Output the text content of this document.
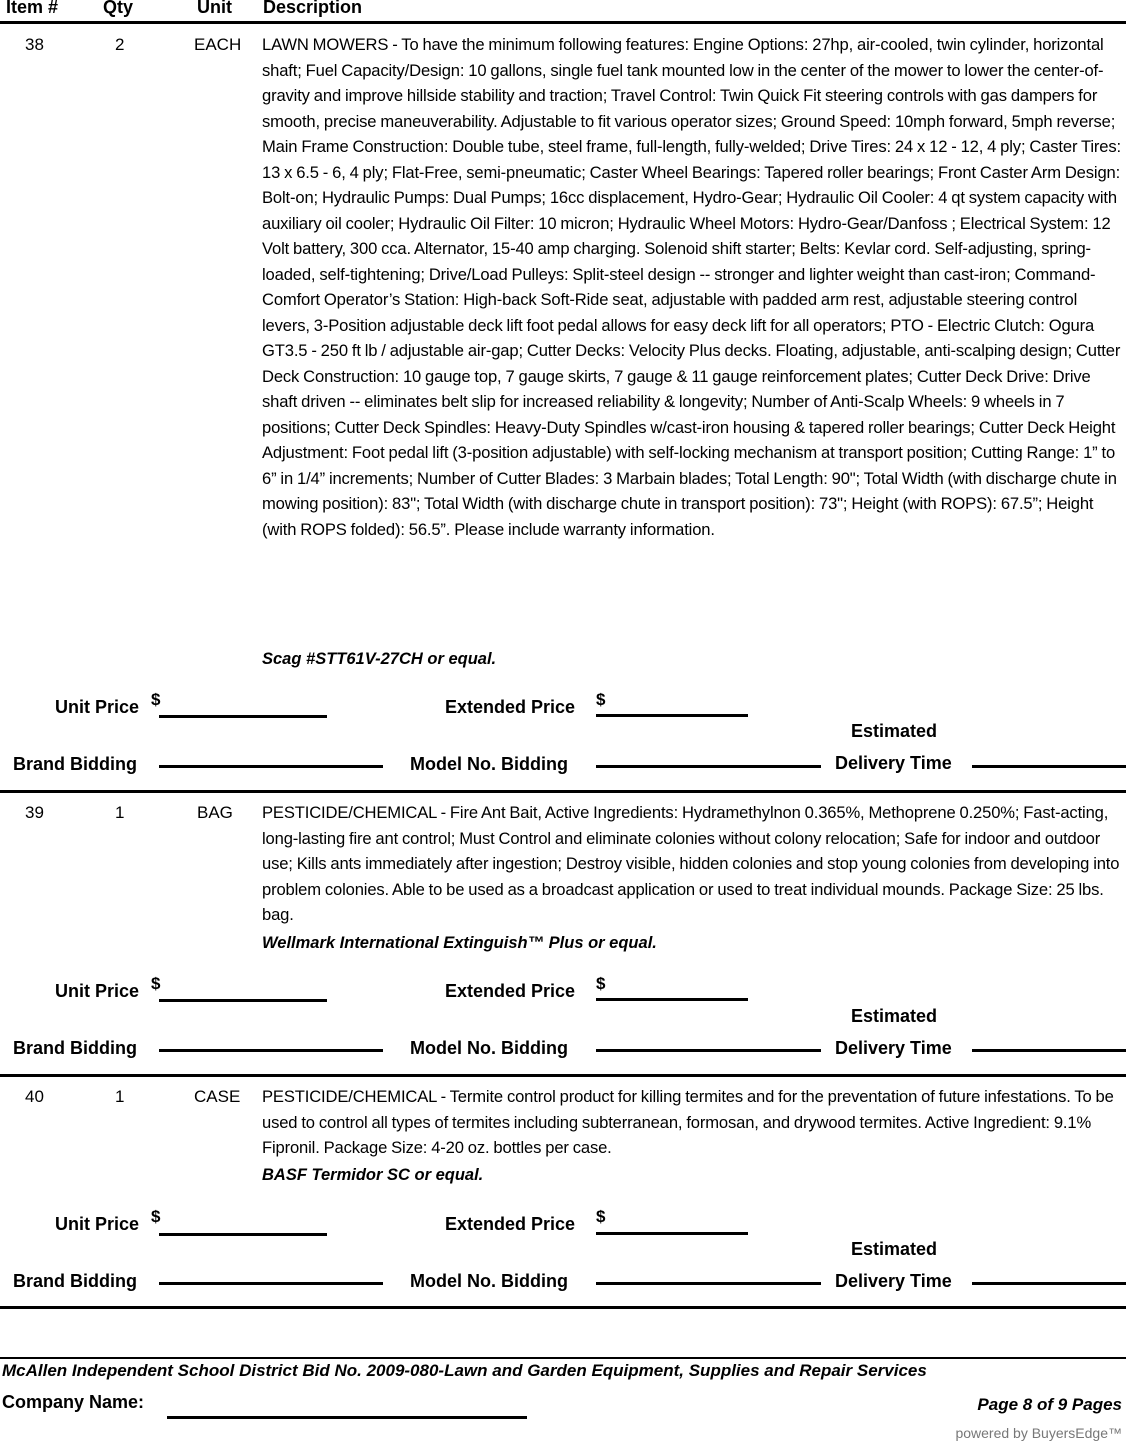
Item # Qty	Unit Description
38	2	EACH LAWN MOWERS - To have the minimum following features: Engine Options: 27hp, air-cooled, twin cylinder, horizontal shaft; Fuel Capacity/Design: 10 gallons, single fuel tank mounted low in the center of the mower to lower the center-of-gravity and improve hillside stability and traction; Travel Control: Twin Quick Fit steering controls with gas dampers for smooth, precise maneuverability. Adjustable to fit various operator sizes; Ground Speed: 10mph forward, 5mph reverse; Main Frame Construction: Double tube, steel frame, full-length, fully-welded; Drive Tires: 24 x 12 - 12, 4 ply; Caster Tires: 13 x 6.5 - 6, 4 ply; Flat-Free, semi-pneumatic; Caster Wheel Bearings: Tapered roller bearings; Front Caster Arm Design: Bolt-on; Hydraulic Pumps: Dual Pumps; 16cc displacement, Hydro-Gear; Hydraulic Oil Cooler: 4 qt system capacity with auxiliary oil cooler; Hydraulic Oil Filter: 10 micron; Hydraulic Wheel Motors: Hydro-Gear/Danfoss ; Electrical System: 12 Volt battery, 300 cca. Alternator, 15-40 amp charging. Solenoid shift starter; Belts: Kevlar cord. Self-adjusting, spring-loaded, self-tightening; Drive/Load Pulleys: Split-steel design -- stronger and lighter weight than cast-iron; Command-Comfort Operator’s Station: High-back Soft-Ride seat, adjustable with padded arm rest, adjustable steering control levers, 3-Position adjustable deck lift foot pedal allows for easy deck lift for all operators; PTO - Electric Clutch: Ogura GT3.5 - 250 ft lb / adjustable air-gap; Cutter Decks: Velocity Plus decks. Floating, adjustable, anti-scalping design; Cutter Deck Construction: 10 gauge top, 7 gauge skirts, 7 gauge & 11 gauge reinforcement plates; Cutter Deck Drive: Drive shaft driven -- eliminates belt slip for increased reliability & longevity; Number of Anti-Scalp Wheels: 9 wheels in 7 positions; Cutter Deck Spindles: Heavy-Duty Spindles w/cast-iron housing & tapered roller bearings; Cutter Deck Height Adjustment: Foot pedal lift (3-position adjustable) with self-locking mechanism at transport position; Cutting Range: 1” to 6” in 1/4” increments; Number of Cutter Blades: 3 Marbain blades; Total Length: 90"; Total Width (with discharge chute in mowing position): 83"; Total Width (with discharge chute in transport position): 73"; Height (with ROPS): 67.5”; Height (with ROPS folded): 56.5”. Please include warranty information.
Scag #STT61V-27CH or equal.
Unit Price $	Extended Price $
Estimated
Brand Bidding	Model No. Bidding	Delivery Time
39	1	BAG PESTICIDE/CHEMICAL - Fire Ant Bait, Active Ingredients: Hydramethylnon 0.365%, Methoprene 0.250%; Fast-acting, long-lasting fire ant control; Must Control and eliminate colonies without colony relocation; Safe for indoor and outdoor use; Kills ants immediately after ingestion; Destroy visible, hidden colonies and stop young colonies from developing into problem colonies. Able to be used as a broadcast application or used to treat individual mounds. Package Size: 25 lbs. bag.
Wellmark International Extinguish™ Plus or equal.
Unit Price $	Extended Price $
Estimated
Brand Bidding	Model No. Bidding	Delivery Time
40	1	CASE PESTICIDE/CHEMICAL - Termite control product for killing termites and for the preventation of future infestations. To be used to control all types of termites including subterranean, formosan, and drywood termites. Active Ingredient: 9.1% Fipronil. Package Size: 4-20 oz. bottles per case.
BASF Termidor SC or equal.
Unit Price $	Extended Price $
Estimated
Brand Bidding	Model No. Bidding	Delivery Time
McAllen Independent School District Bid No. 2009-080-Lawn and Garden Equipment, Supplies and Repair Services
Company Name:	Page 8 of 9 Pages
powered by BuyersEdge™
